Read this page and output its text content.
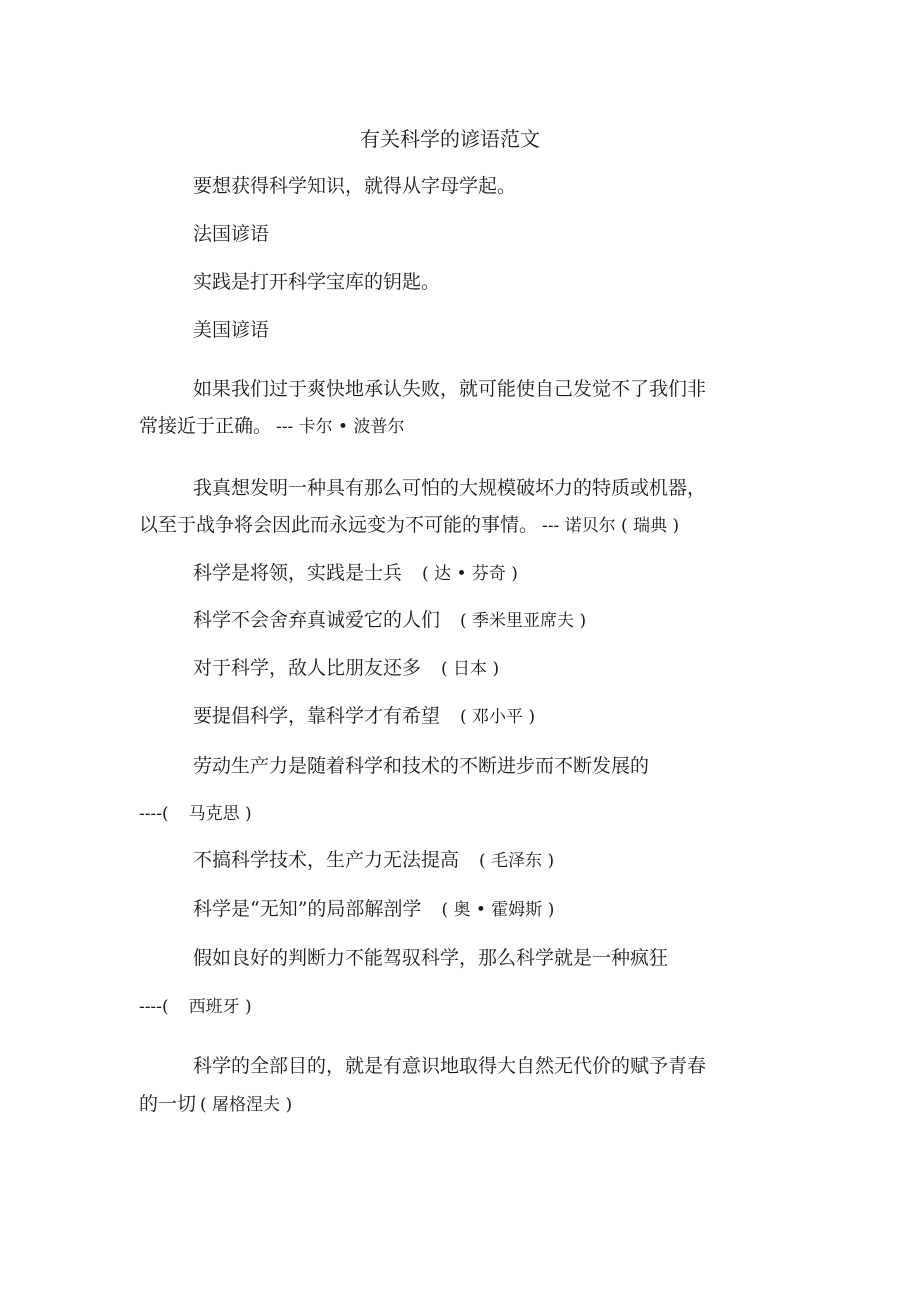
有关科学的谚语范文
要想获得科学知识，就得从字母学起。
法国谚语
实践是打开科学宝库的钥匙。
美国谚语
如果我们过于爽快地承认失败，就可能使自己发觉不了我们非
常接近于正确。 --- 卡尔 • 波普尔
我真想发明一种具有那么可怕的大规模破坏力的特质或机器，
以至于战争将会因此而永远变为不可能的事情。 --- 诺贝尔 ( 瑞典 )
科学是将领，实践是士兵 ( 达 • 芬奇 )
科学不会舍弃真诚爱它的人们 ( 季米里亚席夫 )
对于科学，敌人比朋友还多 ( 日本 )
要提倡科学，靠科学才有希望 ( 邓小平 )
劳动生产力是随着科学和技术的不断进步而不断发展的
----( 马克思 )
不搞科学技术，生产力无法提高 ( 毛泽东 )
科学是“无知”的局部解剖学 ( 奥 • 霍姆斯 )
假如良好的判断力不能驾驭科学，那么科学就是一种疯狂
----( 西班牙 )
科学的全部目的，就是有意识地取得大自然无代价的赋予青春
的一切 ( 屠格涅夫 )
